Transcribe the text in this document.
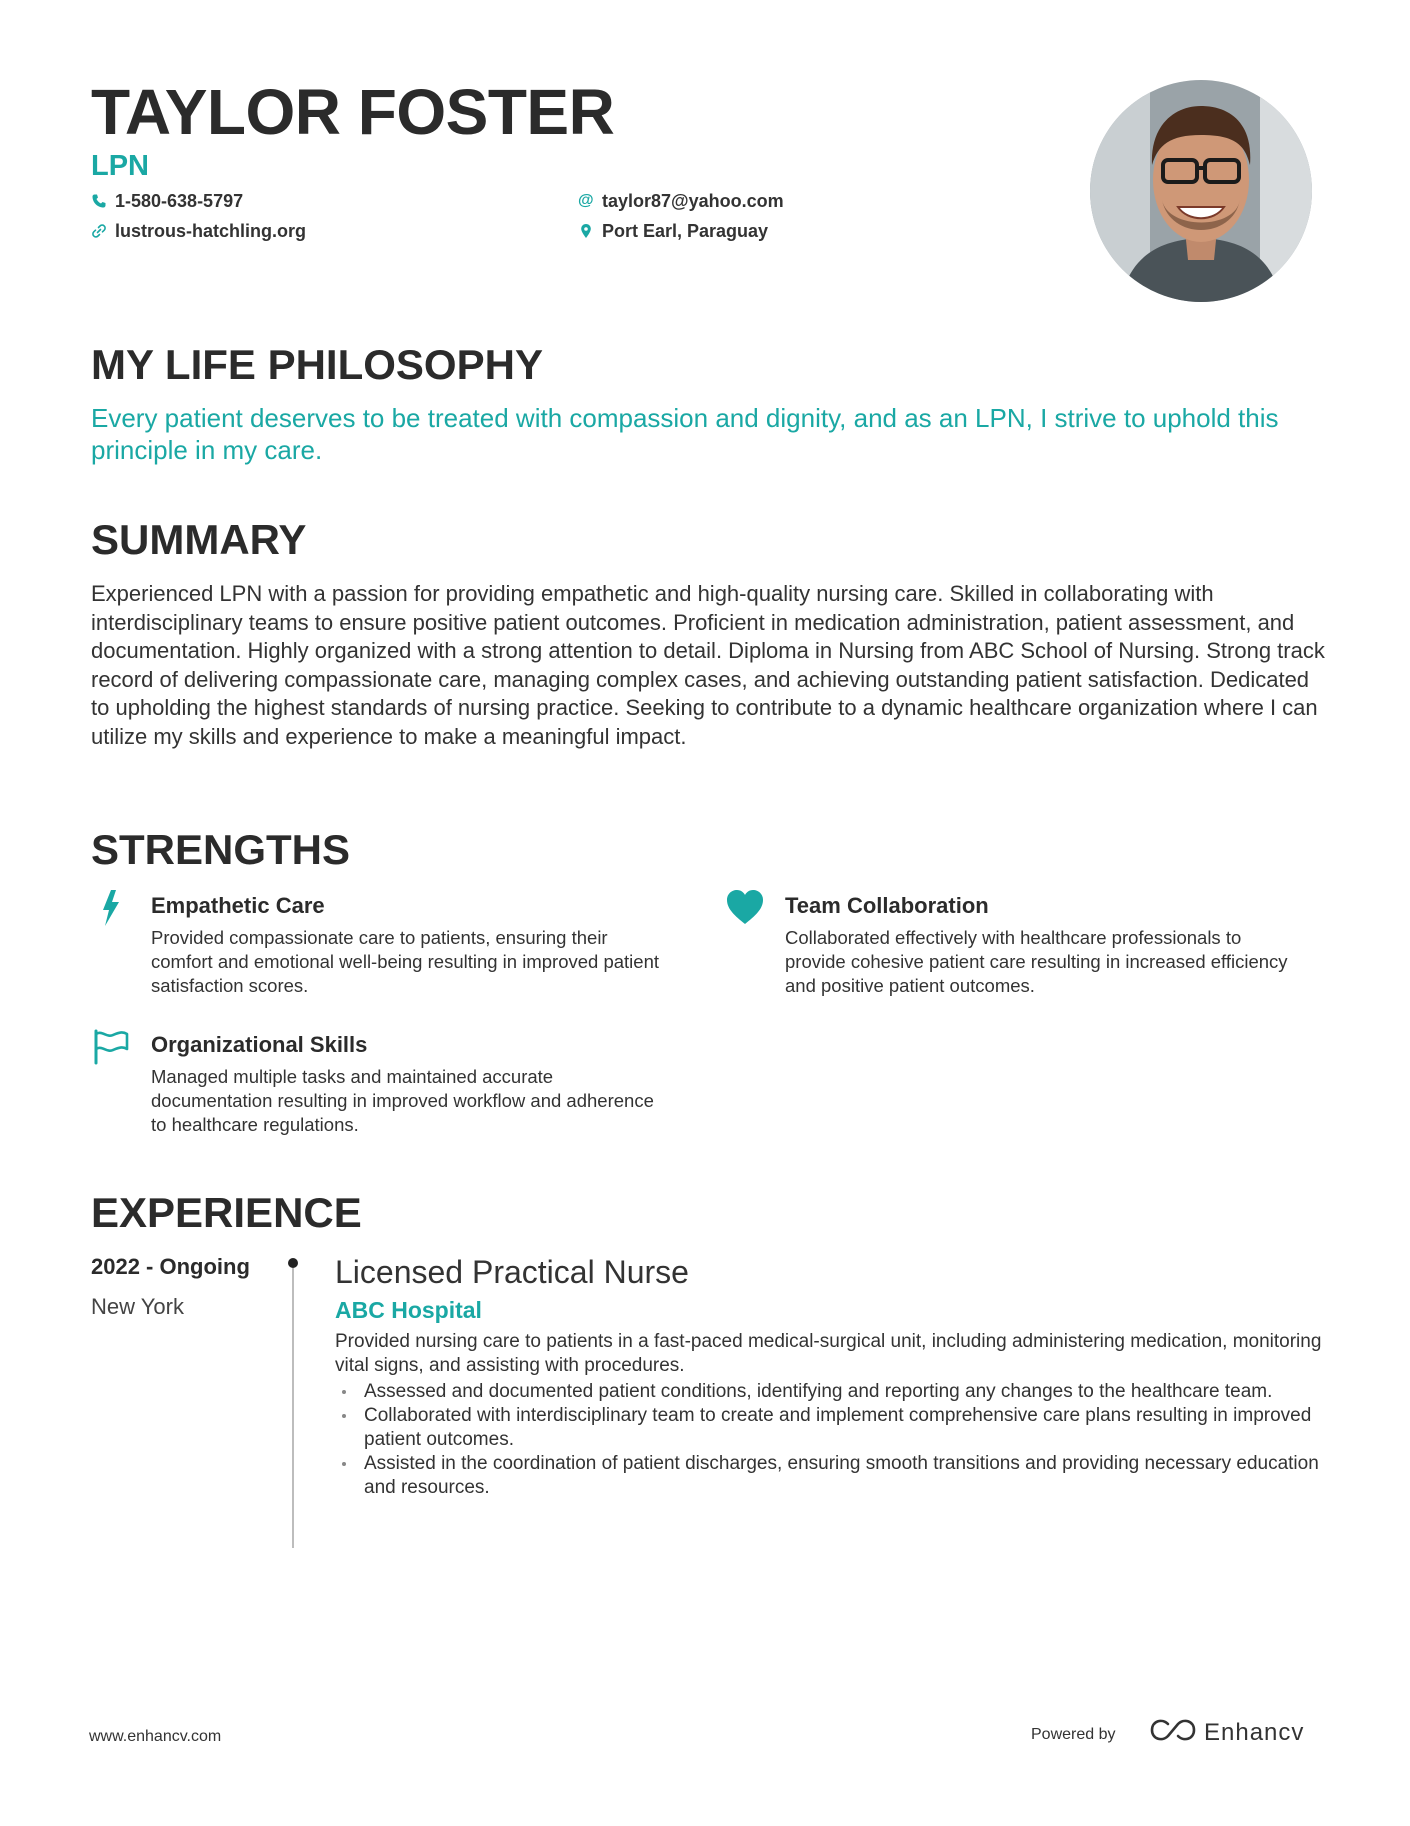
TAYLOR FOSTER

LPN

1-580-638-5797
lustrous-hatchling.org
@ taylor87@yahoo.com
Port Earl, Paraguay
MY LIFE PHILOSOPHY

Every patient deserves to be treated with compassion and dignity, and as an LPN, I strive to uphold this principle in my care.

SUMMARY

Experienced LPN with a passion for providing empathetic and high-quality nursing care. Skilled in collaborating with interdisciplinary teams to ensure positive patient outcomes. Proficient in medication administration, patient assessment, and documentation. Highly organized with a strong attention to detail. Diploma in Nursing from ABC School of Nursing. Strong track record of delivering compassionate care, managing complex cases, and achieving outstanding patient satisfaction. Dedicated to upholding the highest standards of nursing practice. Seeking to contribute to a dynamic healthcare organization where I can utilize my skills and experience to make a meaningful impact.

STRENGTHS

Empathetic Care

Provided compassionate care to patients, ensuring their comfort and emotional well-being resulting in improved patient satisfaction scores.

Team Collaboration

Collaborated effectively with healthcare professionals to provide cohesive patient care resulting in increased efficiency and positive patient outcomes.

Organizational Skills

Managed multiple tasks and maintained accurate documentation resulting in improved workflow and adherence to healthcare regulations.

EXPERIENCE

2022 - Ongoing

New York

Licensed Practical Nurse

ABC Hospital

Provided nursing care to patients in a fast-paced medical-surgical unit, including administering medication, monitoring vital signs, and assisting with procedures.

Assessed and documented patient conditions, identifying and reporting any changes to the healthcare team.
Collaborated with interdisciplinary team to create and implement comprehensive care plans resulting in improved patient outcomes.
Assisted in the coordination of patient discharges, ensuring smooth transitions and providing necessary education and resources.

www.enhancv.com	Powered by	Enhancv
